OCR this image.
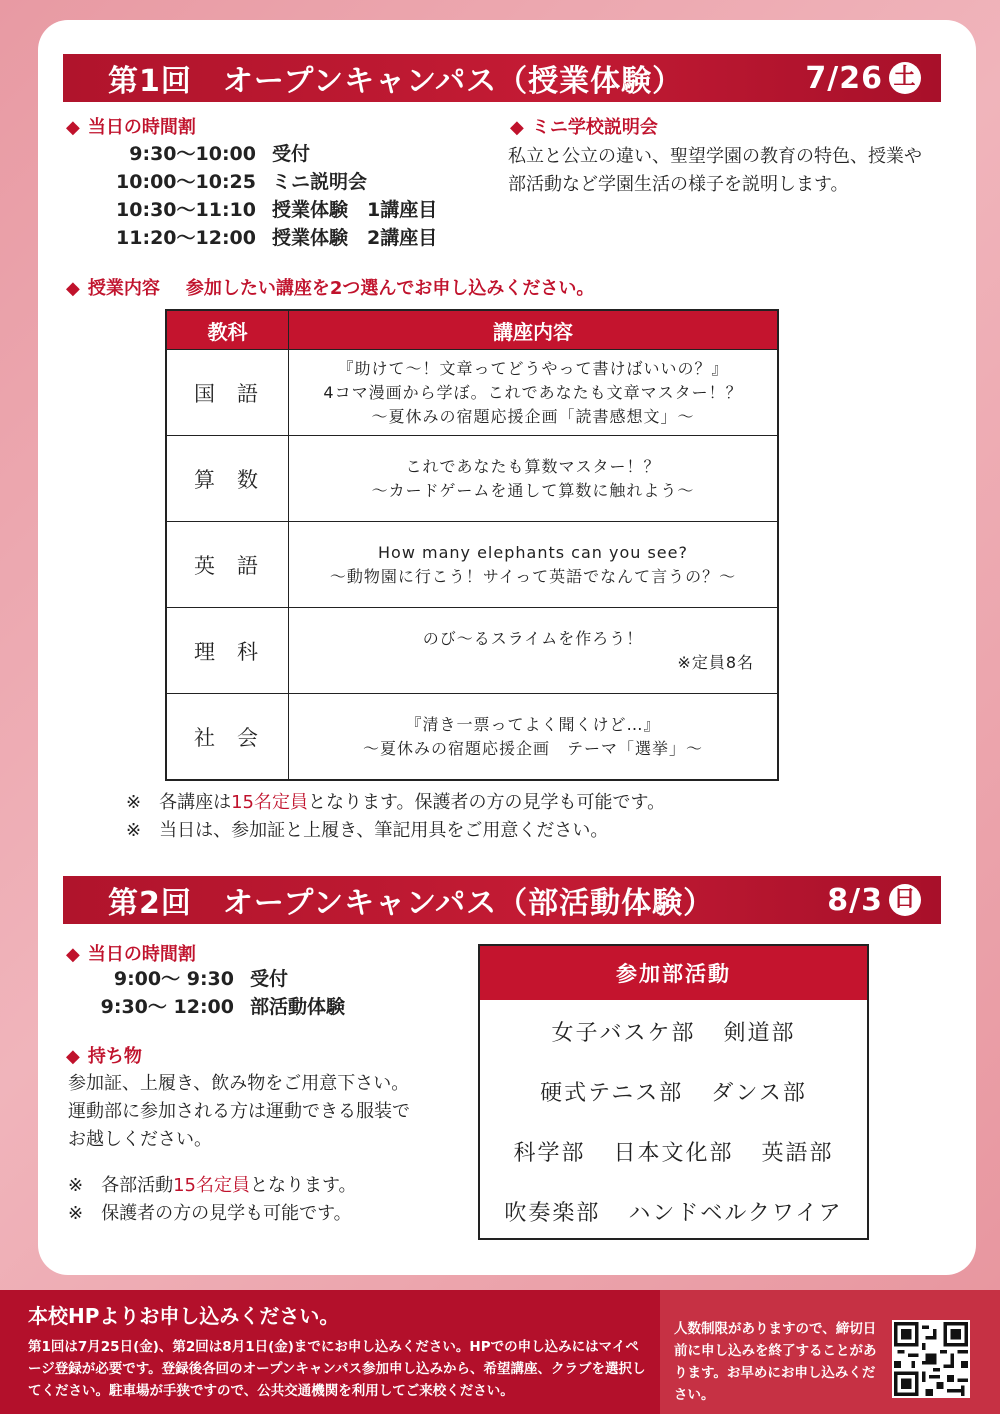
第1回　オープンキャンパス（授業体験）	7/26 土
◆ 当日の時間割
9:30～10:00 受付
10:00～10:25 ミニ説明会
10:30～11:10 授業体験　1講座目
11:20～12:00 授業体験　2講座目
◆ ミニ学校説明会
私立と公立の違い、聖望学園の教育の特色、授業や
部活動など学園生活の様子を説明します。
◆ 授業内容 参加したい講座を2つ選んでお申し込みください。
教科	講座内容
国語	『助けて～！文章ってどうやって書けばいいの？』
4コマ漫画から学ぼ。これであなたも文章マスター！？
～夏休みの宿題応援企画「読書感想文」～

算数	これであなたも算数マスター！？
～カードゲームを通して算数に触れよう～

英語	How many elephants can you see?
～動物園に行こう！サイって英語でなんて言うの？～

理科	のび～るスライムを作ろう！
※定員8名

社会	『清き一票ってよく聞くけど…』
～夏休みの宿題応援企画　テーマ「選挙」～
※　各講座は15名定員となります。保護者の方の見学も可能です。
※　当日は、参加証と上履き、筆記用具をご用意ください。
第2回　オープンキャンパス（部活動体験）	8/3 日
◆ 当日の時間割
9:00～ 9:30 受付
9:30～ 12:00 部活動体験
◆ 持ち物
参加証、上履き、飲み物をご用意下さい。
運動部に参加される方は運動できる服装で
お越しください。
※　各部活動15名定員となります。
※　保護者の方の見学も可能です。
参加部活動
女子バスケ部 剣道部
硬式テニス部 ダンス部
科学部 日本文化部 英語部
吹奏楽部 ハンドベルクワイア
本校HPよりお申し込みください。
第1回は7月25日(金)、第2回は8月1日(金)までにお申し込みください。HPでの申し込みにはマイページ登録が必要です。登録後各回のオープンキャンパス参加申し込みから、希望講座、クラブを選択してください。駐車場が手狭ですので、公共交通機関を利用してご来校ください。
人数制限がありますので、締切日前に申し込みを終了することがあります。お早めにお申し込みください。
